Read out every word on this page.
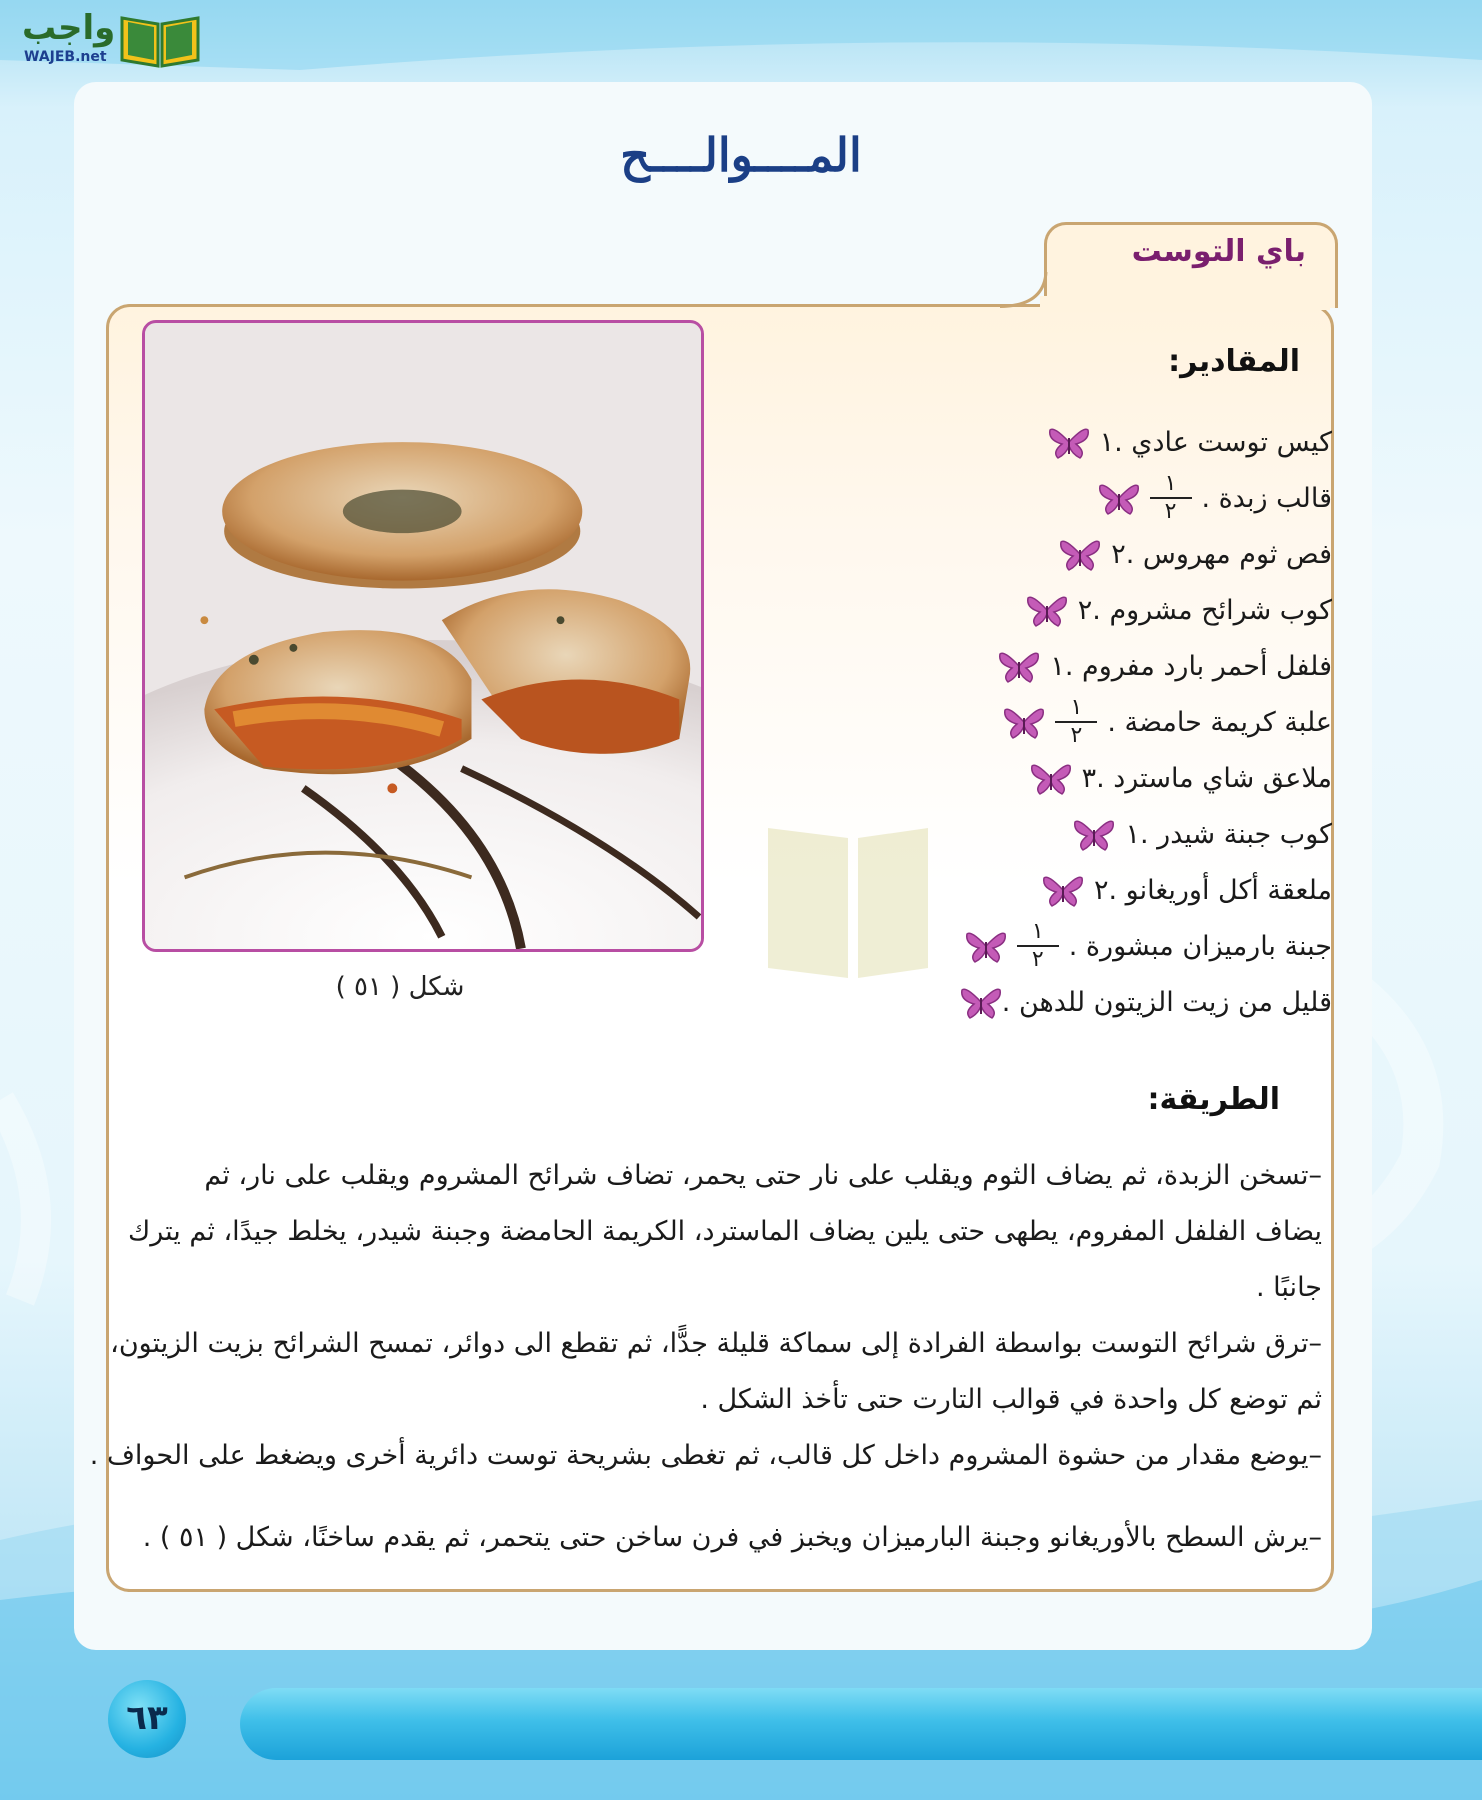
واجب
WAJEB.net
المــــوالــــح
باي التوست
شكل ( ٥١ )
المقادير:
١ كيس توست عادي .
$\frac{١}{٢}$ قالب زبدة .
٢ فص ثوم مهروس .
٢ كوب شرائح مشروم .
١ فلفل أحمر بارد مفروم .
$\frac{١}{٢}$ علبة كريمة حامضة .
٣ ملاعق شاي ماسترد .
١ كوب جبنة شيدر .
٢ ملعقة أكل أوريغانو .
$\frac{١}{٢}$ جبنة بارميزان مبشورة .
قليل من زيت الزيتون للدهن .
الطريقة:
–تسخن الزبدة، ثم يضاف الثوم ويقلب على نار حتى يحمر، تضاف شرائح المشروم ويقلب على نار، ثم
يضاف الفلفل المفروم، يطهى حتى يلين يضاف الماسترد، الكريمة الحامضة وجبنة شيدر، يخلط جيدًا، ثم يترك
جانبًا .
–ترق شرائح التوست بواسطة الفرادة إلى سماكة قليلة جدًّا، ثم تقطع الى دوائر، تمسح الشرائح بزيت الزيتون،
ثم توضع كل واحدة في قوالب التارت حتى تأخذ الشكل .
–يوضع مقدار من حشوة المشروم داخل كل قالب، ثم تغطى بشريحة توست دائرية أخرى ويضغط على الحواف .
–يرش السطح بالأوريغانو وجبنة البارميزان ويخبز في فرن ساخن حتى يتحمر، ثم يقدم ساخنًا، شكل ( ٥١ ) .
٦٣
